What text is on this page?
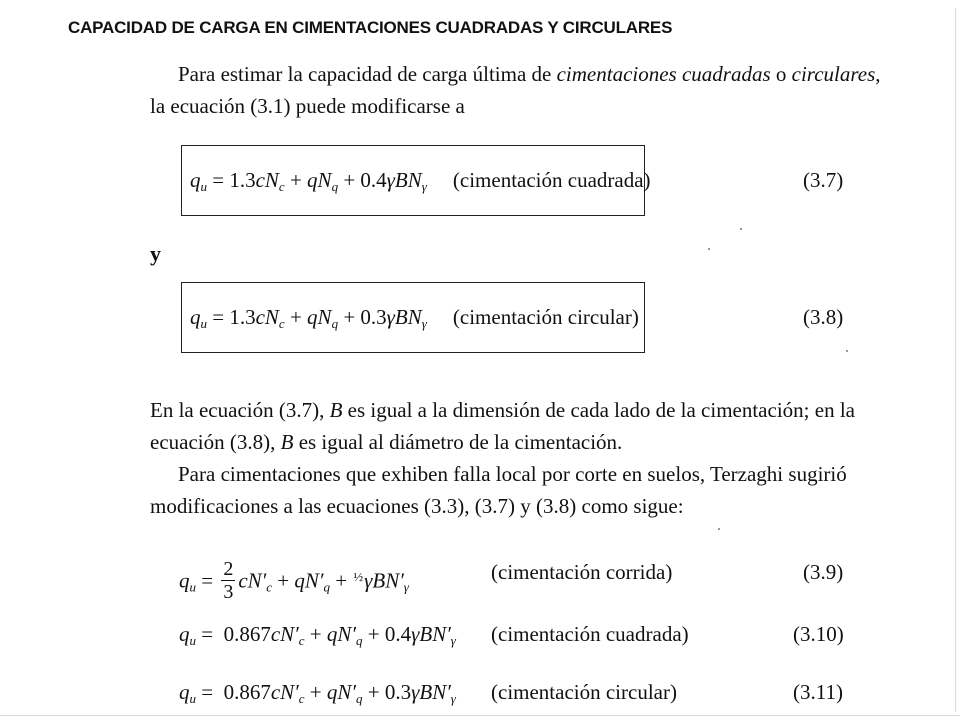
CAPACIDAD DE CARGA EN CIMENTACIONES CUADRADAS Y CIRCULARES
Para estimar la capacidad de carga última de cimentaciones cuadradas o circulares,
la ecuación (3.1) puede modificarse a
$q_u = 1.3cN_c + qN_q + 0.4\gamma BN_\gamma$ (cimentación cuadrada)	(3.7)
y
$q_u = 1.3cN_c + qN_q + 0.3\gamma BN_\gamma$ (cimentación circular)	(3.8)
En la ecuación (3.7), B es igual a la dimensión de cada lado de la cimentación; en la
ecuación (3.8), B es igual al diámetro de la cimentación.
Para cimentaciones que exhiben falla local por corte en suelos, Terzaghi sugirió
modificaciones a las ecuaciones (3.3), (3.7) y (3.8) como sigue:
$q_u = \frac{2}{3} cN'_c + qN'_q + ^{\frac{1}{2}}\gamma BN'_\gamma$
(cimentación corrida)	(3.9)
$q_u = 0.867cN'_c + qN'_q + 0.4\gamma BN'_\gamma$ (cimentación cuadrada)	(3.10)
$q_u = 0.867cN'_c + qN'_q + 0.3\gamma BN'_\gamma$ (cimentación circular)	(3.11)
